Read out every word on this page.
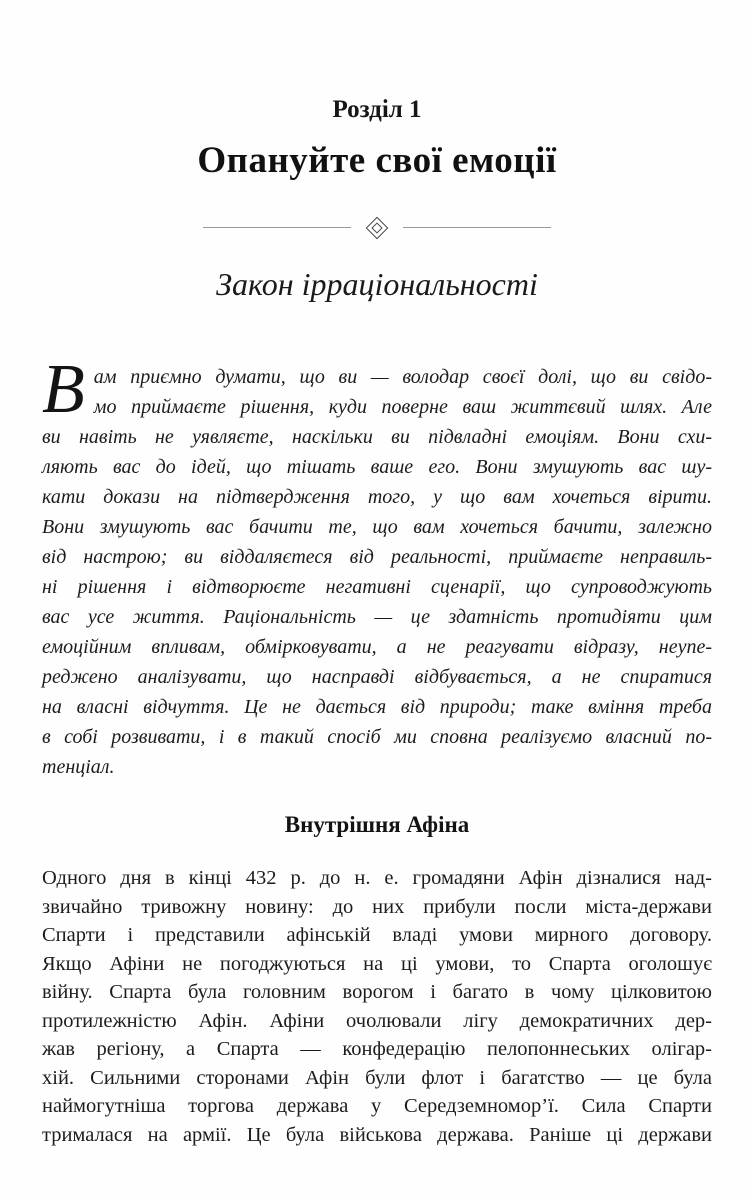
Розділ 1
Опануйте свої емоції
Закон ірраціональності
В ам приємно думати, що ви — володар своєї долі, що ви свідо-
мо приймаєте рішення, куди поверне ваш життєвий шлях. Але
ви навіть не уявляєте, наскільки ви підвладні емоціям. Вони схи-
ляють вас до ідей, що тішать ваше его. Вони змушують вас шу-
кати докази на підтвердження того, у що вам хочеться вірити.
Вони змушують вас бачити те, що вам хочеться бачити, залежно
від настрою; ви віддаляєтеся від реальності, приймаєте неправиль-
ні рішення і відтворюєте негативні сценарії, що супроводжують
вас усе життя. Раціональність — це здатність протидіяти цим
емоційним впливам, обмірковувати, а не реагувати відразу, неупе-
реджено аналізувати, що насправді відбувається, а не спиратися
на власні відчуття. Це не дається від природи; таке вміння треба
в собі розвивати, і в такий спосіб ми сповна реалізуємо власний по-
тенціал.
Внутрішня Афіна
Одного дня в кінці 432 р. до н. е. громадяни Афін дізналися над-
звичайно тривожну новину: до них прибули посли міста-держави
Спарти і представили афінській владі умови мирного договору.
Якщо Афіни не погоджуються на ці умови, то Спарта оголошує
війну. Спарта була головним ворогом і багато в чому цілковитою
протилежністю Афін. Афіни очолювали лігу демократичних дер-
жав регіону, а Спарта — конфедерацію пелопоннеських олігар-
хій. Сильними сторонами Афін були флот і багатство — це була
наймогутніша торгова держава у Середземномор’ї. Сила Спарти
трималася на армії. Це була військова держава. Раніше ці держави
